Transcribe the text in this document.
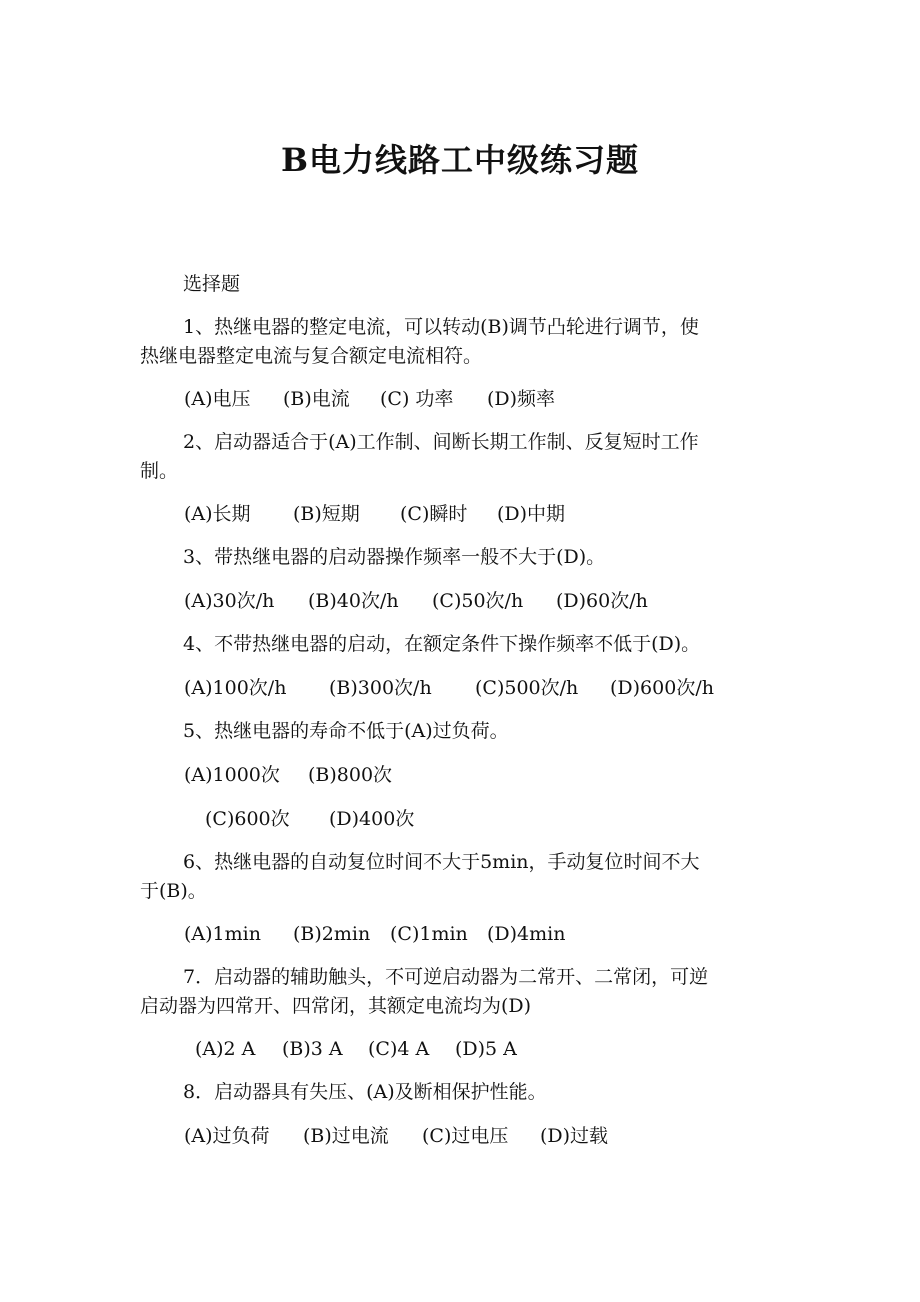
B电力线路工中级练习题

选择题

1、热继电器的整定电流，可以转动(B)调节凸轮进行调节，使

热继电器整定电流与复合额定电流相符。

(A)电压

(B)电流

(C) 功率

(D)频率

2、启动器适合于(A)工作制、间断长期工作制、反复短时工作

制。

(A)长期

(B)短期

(C)瞬时

(D)中期

3、带热继电器的启动器操作频率一般不大于(D)。

(A)30次/h

(B)40次/h

(C)50次/h

(D)60次/h

4、不带热继电器的启动，在额定条件下操作频率不低于(D)。

(A)100次/h

(B)300次/h

(C)500次/h

(D)600次/h

5、热继电器的寿命不低于(A)过负荷。

(A)1000次

(B)800次

(C)600次

(D)400次

6、热继电器的自动复位时间不大于5min，手动复位时间不大

于(B)。

(A)1min

(B)2min

(C)1min

(D)4min

7．启动器的辅助触头，不可逆启动器为二常开、二常闭，可逆

启动器为四常开、四常闭，其额定电流均为(D)

(A)2 A

(B)3 A

(C)4 A

(D)5 A

8．启动器具有失压、(A)及断相保护性能。

(A)过负荷

(B)过电流

(C)过电压

(D)过载
